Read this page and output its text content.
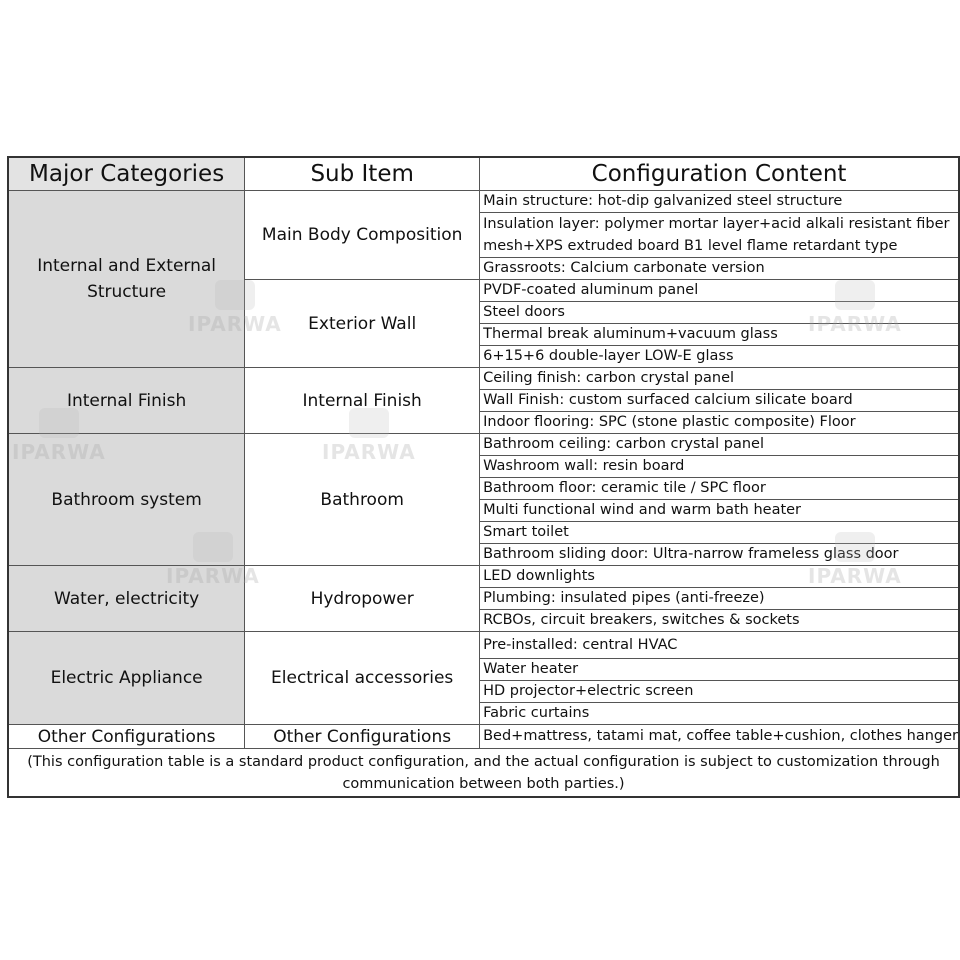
Major Categories	Sub Item	Configuration Content
Internal and External Structure	Main Body Composition	Main structure: hot-dip galvanized steel structure
		Insulation layer: polymer mortar layer+acid alkali resistant fiber mesh+XPS extruded board B1 level flame retardant type
		Grassroots: Calcium carbonate version
	Exterior Wall	PVDF-coated aluminum panel
		Steel doors
		Thermal break aluminum+vacuum glass
		6+15+6 double-layer LOW-E glass
Internal Finish	Internal Finish	Ceiling finish: carbon crystal panel
		Wall Finish: custom surfaced calcium silicate board
		Indoor flooring: SPC (stone plastic composite) Floor
Bathroom system	Bathroom	Bathroom ceiling: carbon crystal panel
		Washroom wall: resin board
		Bathroom floor: ceramic tile / SPC floor
		Multi functional wind and warm bath heater
		Smart toilet
		Bathroom sliding door: Ultra-narrow frameless glass door
Water, electricity	Hydropower	LED downlights
		Plumbing: insulated pipes (anti-freeze)
		RCBOs, circuit breakers, switches & sockets
Electric Appliance	Electrical accessories	Pre-installed: central HVAC
		Water heater
		HD projector+electric screen
		Fabric curtains
Other Configurations	Other Configurations	Bed+mattress, tatami mat, coffee table+cushion, clothes hanger
(This configuration table is a standard product configuration, and the actual configuration is subject to customization through communication between both parties.)		
IPARWA	IPARWA
IPARWA	IPARWA
IPARWA	IPARWA
